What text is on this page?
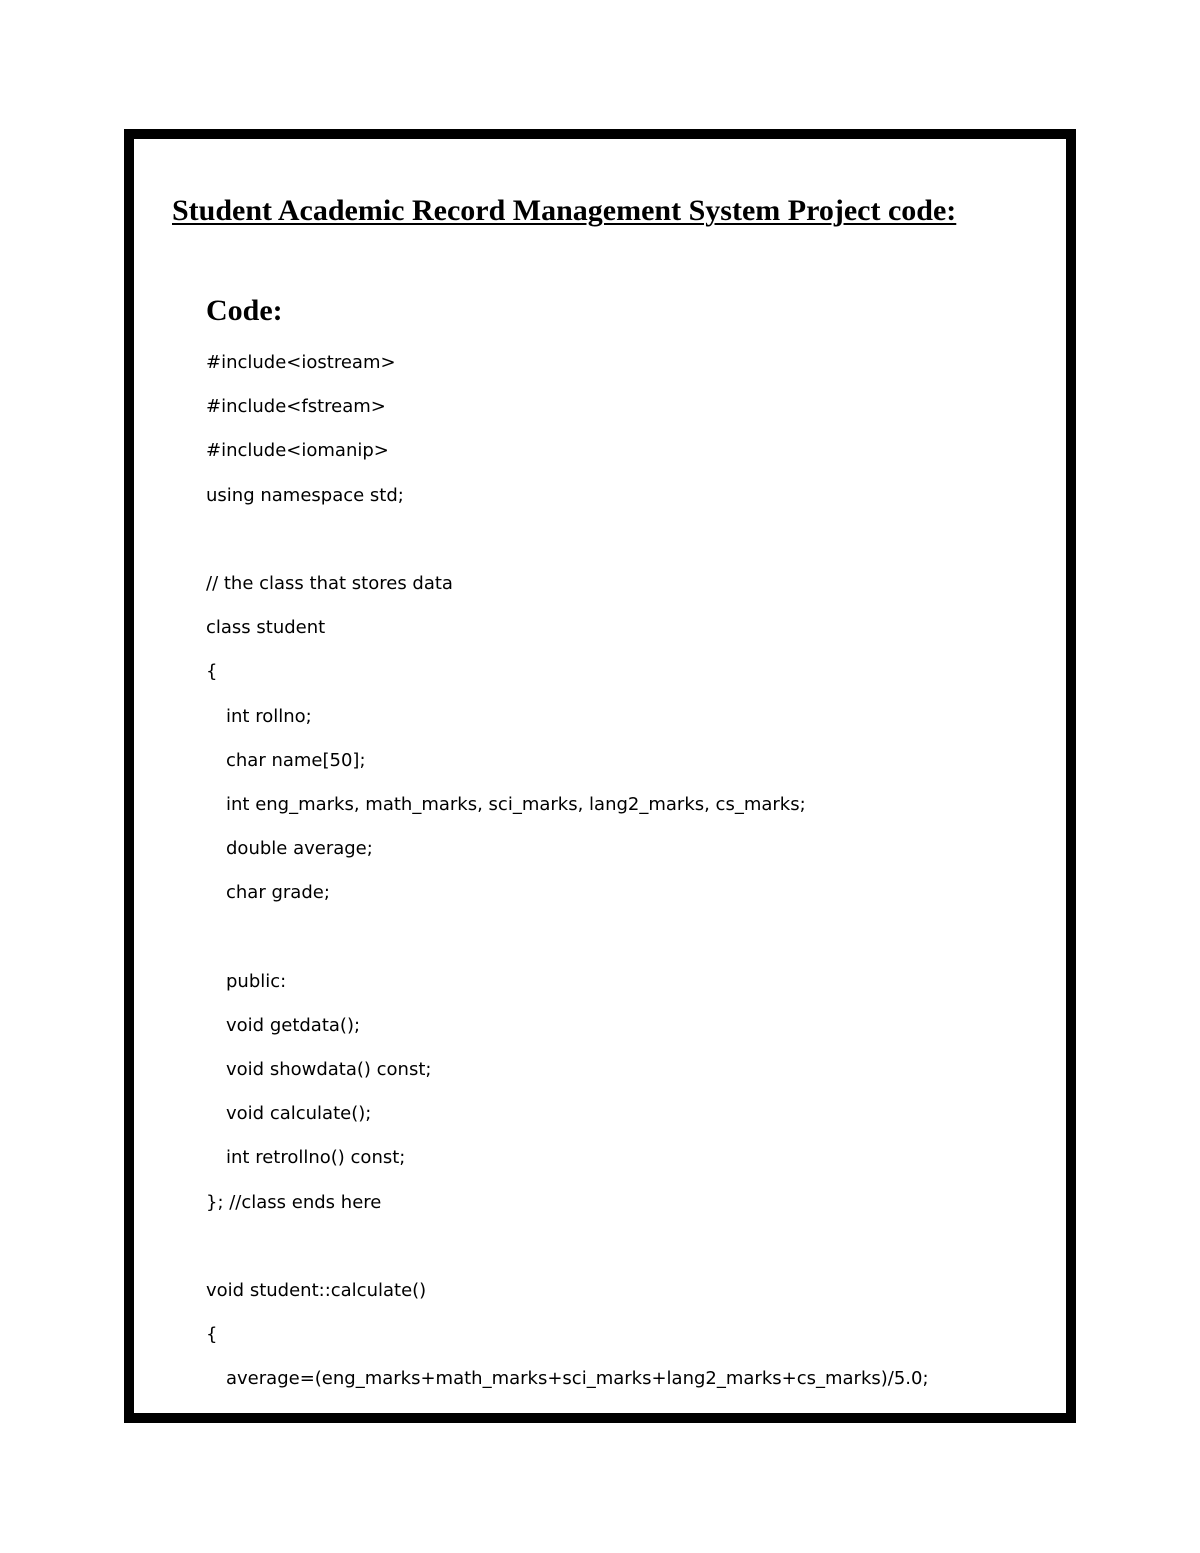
Student Academic Record Management System Project code:
Code:
#include<iostream>
#include<fstream>
#include<iomanip>
using namespace std;
// the class that stores data
class student
{
int rollno;
char name[50];
int eng_marks, math_marks, sci_marks, lang2_marks, cs_marks;
double average;
char grade;
public:
void getdata();
void showdata() const;
void calculate();
int retrollno() const;
}; //class ends here
void student::calculate()
{
average=(eng_marks+math_marks+sci_marks+lang2_marks+cs_marks)/5.0;
